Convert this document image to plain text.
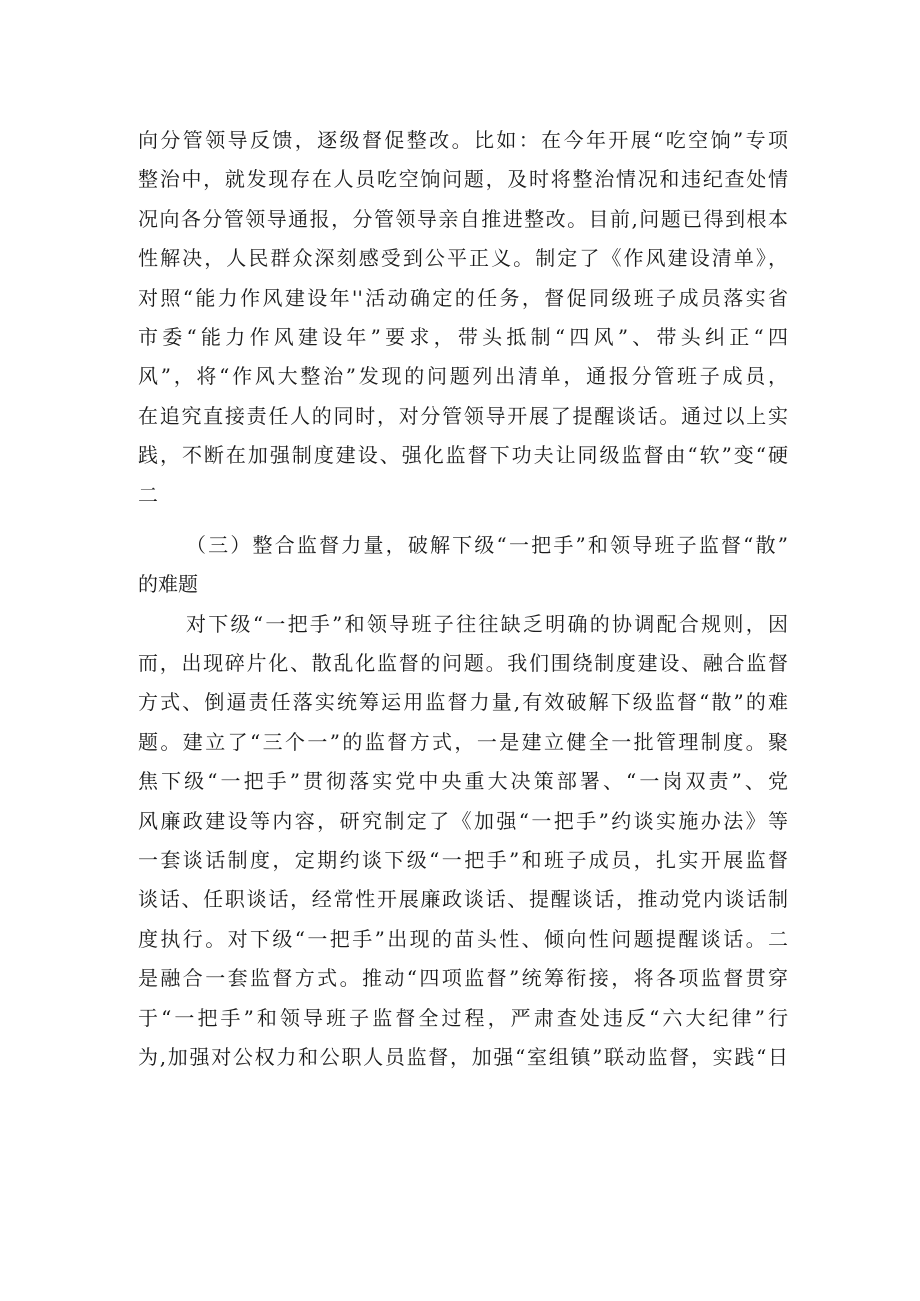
向分管领导反馈，逐级督促整改。比如：在今年开展“吃空饷”专项
整治中，就发现存在人员吃空饷问题，及时将整治情况和违纪查处情
况向各分管领导通报，分管领导亲自推进整改。目前,问题已得到根本
性解决，人民群众深刻感受到公平正义。制定了《作风建设清单》，
对照“能力作风建设年''活动确定的任务，督促同级班子成员落实省
市委“能力作风建设年”要求，带头抵制“四风”、带头纠正“四
风”，将“作风大整治”发现的问题列出清单，通报分管班子成员，
在追究直接责任人的同时，对分管领导开展了提醒谈话。通过以上实
践，不断在加强制度建设、强化监督下功夫让同级监督由“软”变“硬
二
（三）整合监督力量，破解下级“一把手”和领导班子监督“散”
的难题
对下级“一把手”和领导班子往往缺乏明确的协调配合规则，因
而，出现碎片化、散乱化监督的问题。我们围绕制度建设、融合监督
方式、倒逼责任落实统筹运用监督力量,有效破解下级监督“散”的难
题。建立了“三个一”的监督方式，一是建立健全一批管理制度。聚
焦下级“一把手”贯彻落实党中央重大决策部署、“一岗双责”、党
风廉政建设等内容，研究制定了《加强“一把手”约谈实施办法》等
一套谈话制度，定期约谈下级“一把手”和班子成员，扎实开展监督
谈话、任职谈话，经常性开展廉政谈话、提醒谈话，推动党内谈话制
度执行。对下级“一把手”出现的苗头性、倾向性问题提醒谈话。二
是融合一套监督方式。推动“四项监督”统筹衔接，将各项监督贯穿
于“一把手”和领导班子监督全过程，严肃查处违反“六大纪律”行
为,加强对公权力和公职人员监督，加强“室组镇”联动监督，实践“日
